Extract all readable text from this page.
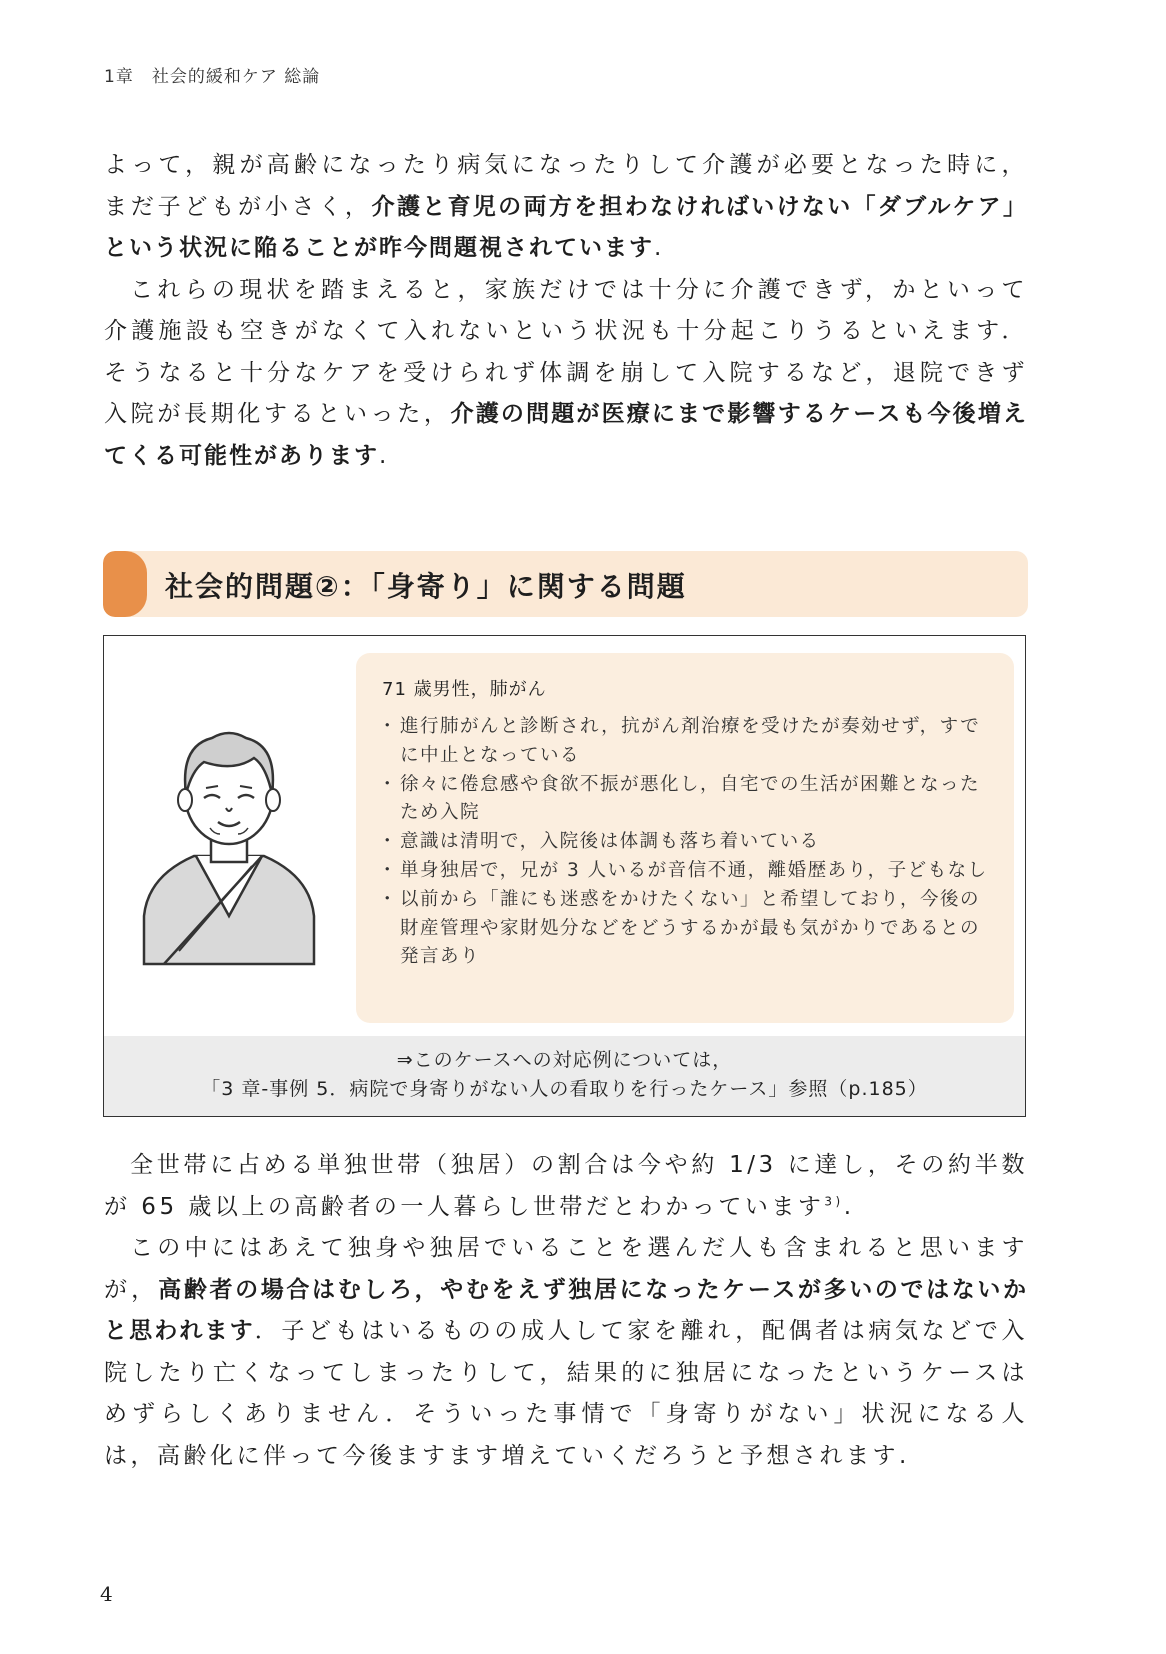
1章　社会的緩和ケア 総論

よって，親が高齢になったり病気になったりして介護が必要となった時に，まだ子どもが小さく，介護と育児の両方を担わなければいけない「ダブルケア」という状況に陥ることが昨今問題視されています.

これらの現状を踏まえると，家族だけでは十分に介護できず，かといって介護施設も空きがなくて入れないという状況も十分起こりうるといえます．そうなると十分なケアを受けられず体調を崩して入院するなど，退院できず入院が長期化するといった，介護の問題が医療にまで影響するケースも今後増えてくる可能性があります.

社会的問題②：「身寄り」に関する問題
71 歳男性，肺がん
・ 進行肺がんと診断され，抗がん剤治療を受けたが奏効せず，すでに中止となっている
・ 徐々に倦怠感や食欲不振が悪化し，自宅での生活が困難となったため入院
・ 意識は清明で，入院後は体調も落ち着いている
・ 単身独居で，兄が 3 人いるが音信不通，離婚歴あり，子どもなし
・ 以前から「誰にも迷惑をかけたくない」と希望しており，今後の財産管理や家財処分などをどうするかが最も気がかりであるとの発言あり
⇒このケースへの対応例については，
「3 章-事例 5．病院で身寄りがない人の看取りを行ったケース」参照（p.185）

全世帯に占める単独世帯（独居）の割合は今や約 1/3 に達し，その約半数が 65 歳以上の高齢者の一人暮らし世帯だとわかっています$^{3)}$.

この中にはあえて独身や独居でいることを選んだ人も含まれると思いますが，高齢者の場合はむしろ，やむをえず独居になったケースが多いのではないかと思われます．子どもはいるものの成人して家を離れ，配偶者は病気などで入院したり亡くなってしまったりして，結果的に独居になったというケースはめずらしくありません．そういった事情で「身寄りがない」状況になる人は，高齢化に伴って今後ますます増えていくだろうと予想されます.

4
